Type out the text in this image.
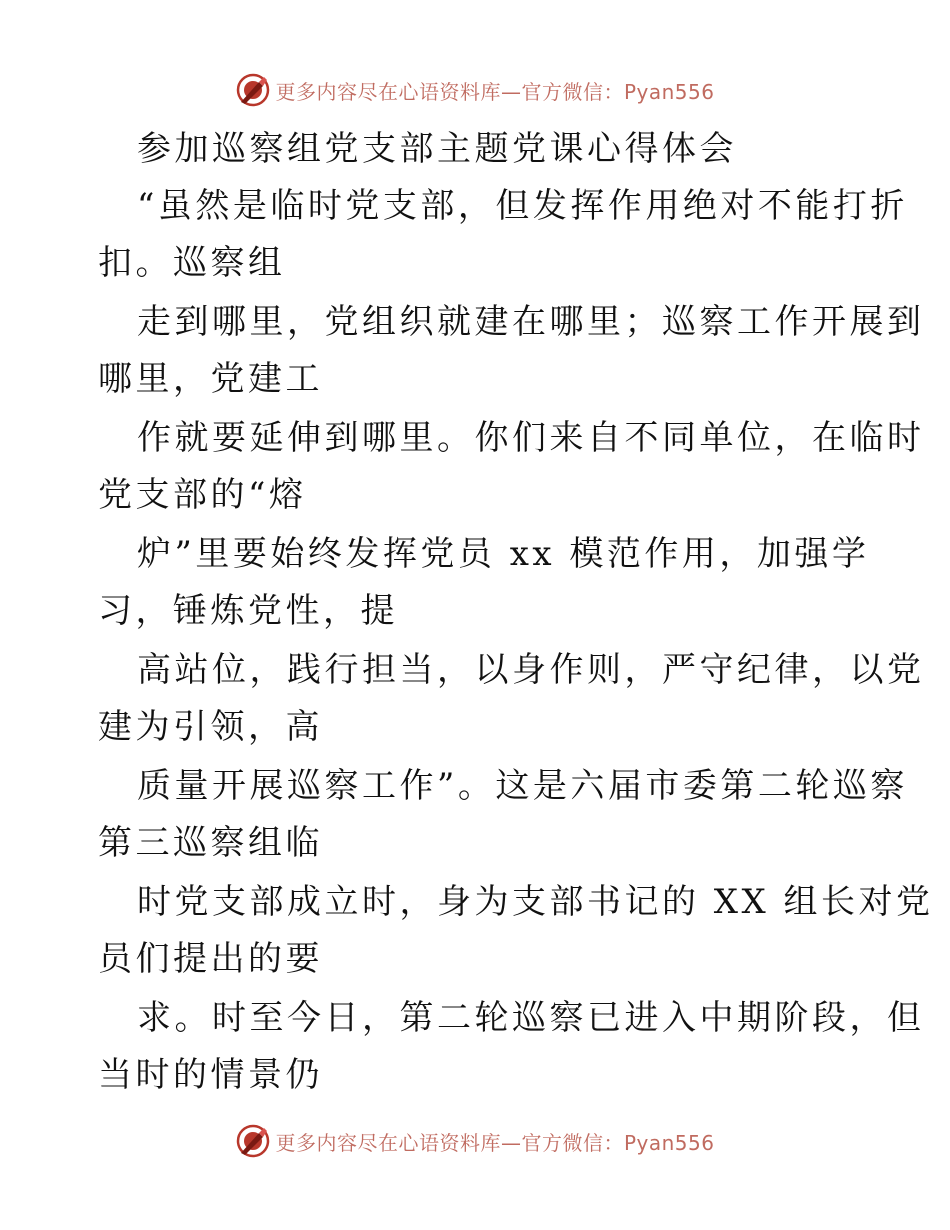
更多内容尽在心语资料库—官方微信：Pyan556
参加巡察组党支部主题党课心得体会
“虽然是临时党支部，但发挥作用绝对不能打折
扣。巡察组
走到哪里，党组织就建在哪里；巡察工作开展到
哪里，党建工
作就要延伸到哪里。你们来自不同单位，在临时
党支部的“熔
炉”里要始终发挥党员 xx 模范作用，加强学
习，锤炼党性，提
高站位，践行担当，以身作则，严守纪律，以党
建为引领，高
质量开展巡察工作”。这是六届市委第二轮巡察
第三巡察组临
时党支部成立时，身为支部书记的 XX 组长对党
员们提出的要
求。时至今日，第二轮巡察已进入中期阶段，但
当时的情景仍
更多内容尽在心语资料库—官方微信：Pyan556
